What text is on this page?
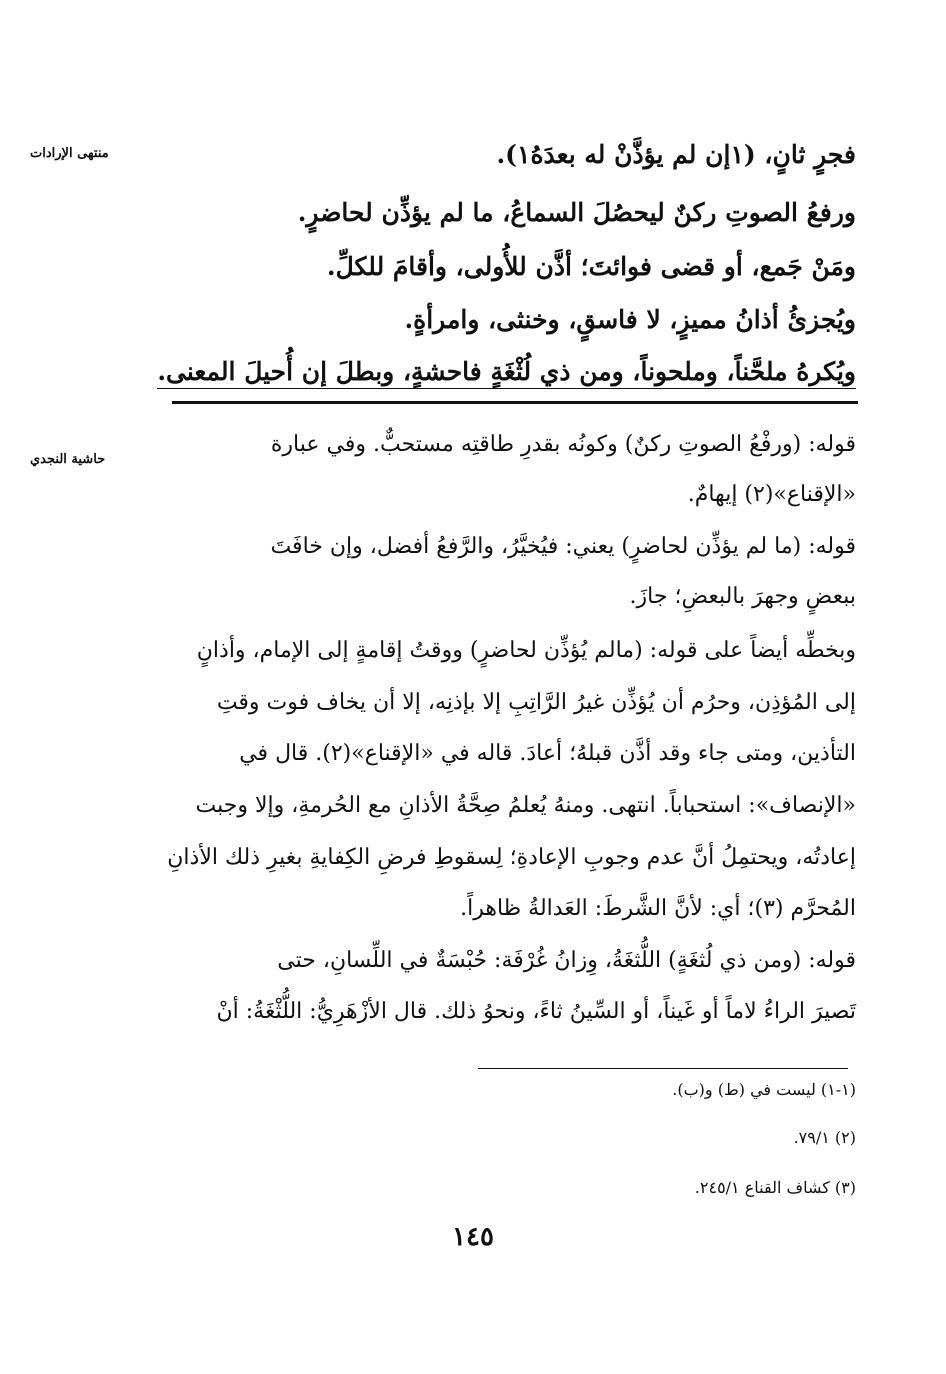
منتهى الإرادات
حاشية النجدي
فجرٍ ثانٍ، (١إن لم يؤذَّنْ له بعدَهُ١).
ورفعُ الصوتِ ركنٌ ليحصُلَ السماعُ، ما لم يؤذِّن لحاضرٍ.
ومَنْ جَمع، أو قضى فوائتَ؛ أذَّن للأُولى، وأقامَ للكلِّ.
ويُجزئُ أذانُ مميزٍ، لا فاسقٍ، وخنثى، وامرأةٍ.
ويُكرهُ ملحَّناً، وملحوناً، ومن ذي لُثْغَةٍ فاحشةٍ، وبطلَ إن أُحيلَ المعنى.
قوله: (ورفْعُ الصوتِ ركنٌ) وكونُه بقدرِ طاقتِه مستحبٌّ. وفي عبارة
«الإقناع»(٢) إيهامٌ.
قوله: (ما لم يؤذِّن لحاضرٍ) يعني: فيُخيَّرُ، والرَّفعُ أفضل، وإن خافَتَ
ببعضٍ وجهرَ بالبعضِ؛ جازَ.
وبخطِّه أيضاً على قوله: (مالم يُؤذِّن لحاضرٍ) ووقتُ إقامةٍ إلى الإمام، وأذانٍ
إلى المُؤذِن، وحرُم أن يُؤذِّن غيرُ الرَّاتِبِ إلا بإذنِه، إلا أن يخاف فوت وقتِ
التأذين، ومتى جاء وقد أذَّن قبلهُ؛ أعادَ. قاله في «الإقناع»(٢). قال في
«الإنصاف»: استحباباً. انتهى. ومنهُ يُعلمُ صِحَّةُ الأذانِ مع الحُرمةِ، وإلا وجبت
إعادتُه، ويحتمِلُ أنَّ عدم وجوبِ الإعادةِ؛ لِسقوطِ فرضِ الكِفايةِ بغيرِ ذلك الأذانِ
المُحرَّم (٣)؛ أي: لأنَّ الشَّرطَ: العَدالةُ ظاهراً.
قوله: (ومن ذي لُثغَةٍ) اللُّثغَةُ، وِزانُ غُرْفَة: حُبْسَةٌ في اللِّسانِ، حتى
تَصيرَ الراءُ لاماً أو غَيناً، أو السِّينُ ثاءً، ونحوُ ذلك. قال الأزْهَرِيُّ: اللُّثْغَةُ: أنْ
(١-١) ليست في (ط) و(ب).
(٢) ٧٩/١.
(٣) كشاف القناع ٢٤٥/١.
١٤٥
